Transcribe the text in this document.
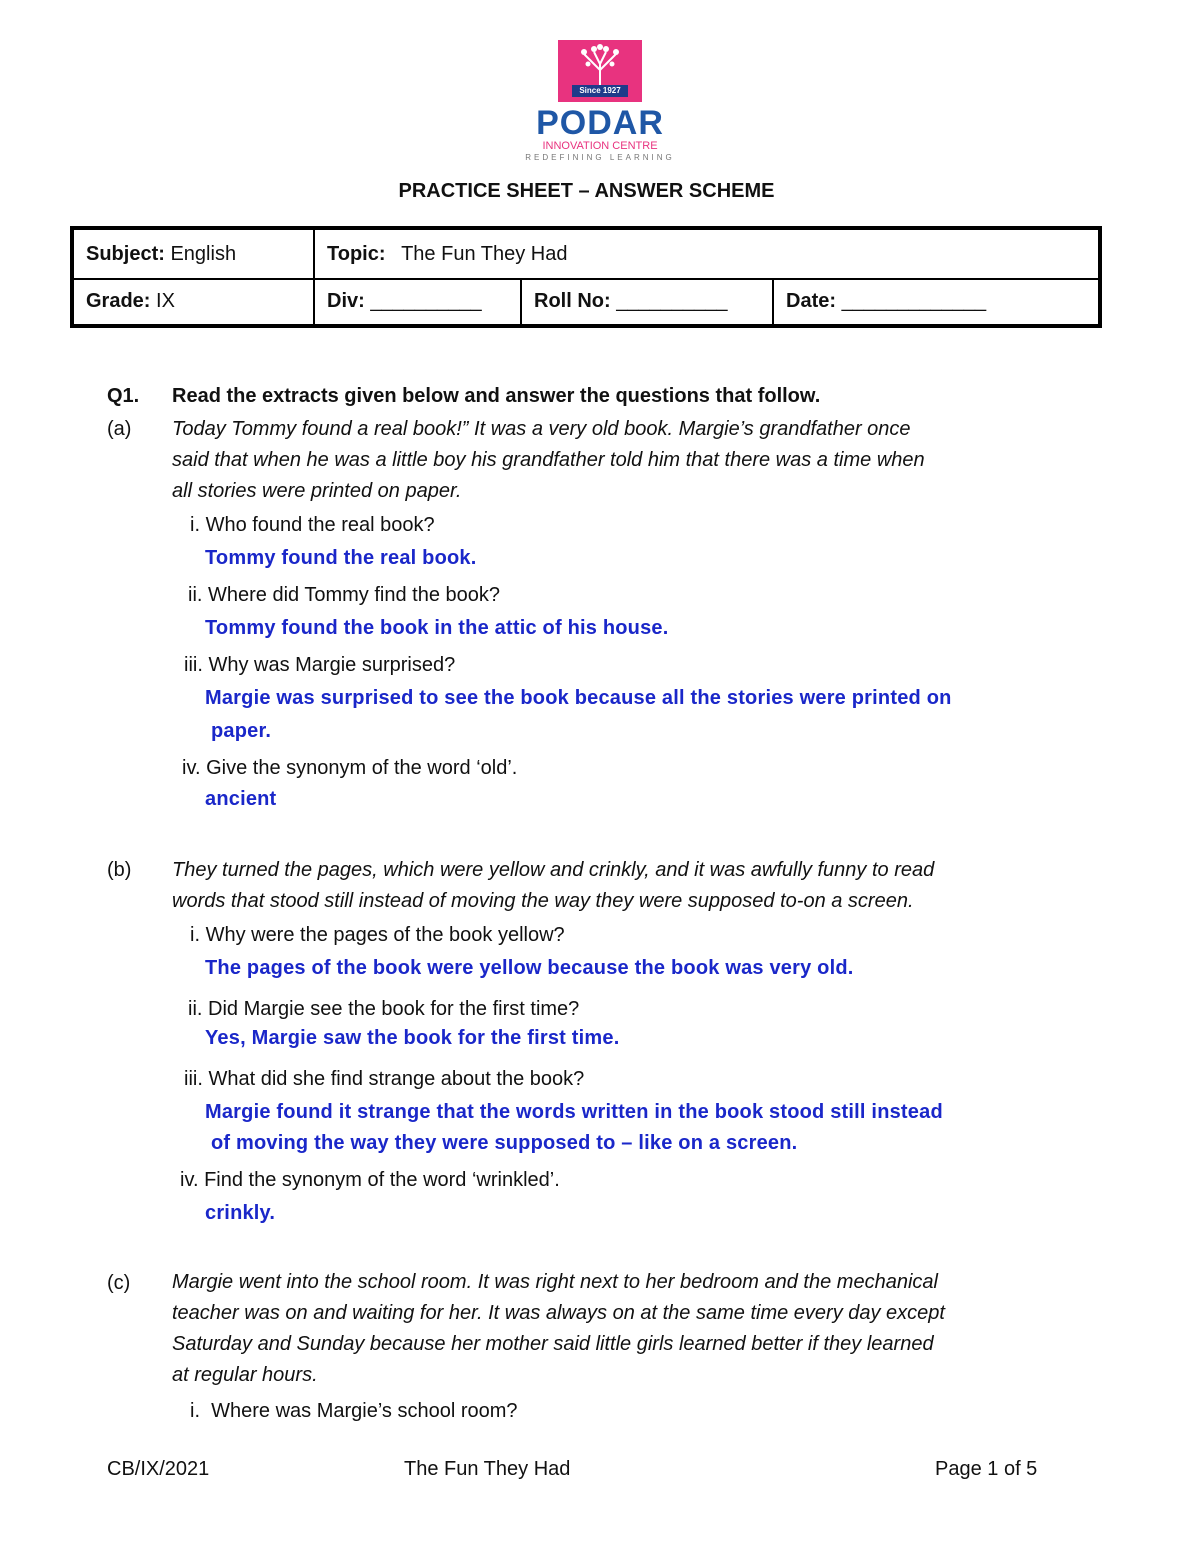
Since 1927
PODAR
INNOVATION CENTRE
REDEFINING LEARNING
PRACTICE SHEET – ANSWER SCHEME
Subject: English	Topic: The Fun They Had
Grade: IX	Div: __________	Roll No: __________	Date: _____________
Q1. Read the extracts given below and answer the questions that follow.
(a) Today Tommy found a real book!” It was a very old book. Margie’s grandfather once
said that when he was a little boy his grandfather told him that there was a time when
all stories were printed on paper.
i. Who found the real book?
Tommy found the real book.
ii. Where did Tommy find the book?
Tommy found the book in the attic of his house.
iii. Why was Margie surprised?
Margie was surprised to see the book because all the stories were printed on
paper.
iv. Give the synonym of the word ‘old’.
ancient
(b) They turned the pages, which were yellow and crinkly, and it was awfully funny to read
words that stood still instead of moving the way they were supposed to-on a screen.
i. Why were the pages of the book yellow?
The pages of the book were yellow because the book was very old.
ii. Did Margie see the book for the first time?
Yes, Margie saw the book for the first time.
iii. What did she find strange about the book?
Margie found it strange that the words written in the book stood still instead
of moving the way they were supposed to – like on a screen.
iv. Find the synonym of the word ‘wrinkled’.
crinkly.
(c) Margie went into the school room. It was right next to her bedroom and the mechanical
teacher was on and waiting for her. It was always on at the same time every day except
Saturday and Sunday because her mother said little girls learned better if they learned
at regular hours.
i. Where was Margie’s school room?
CB/IX/2021	The Fun They Had	Page 1 of 5
